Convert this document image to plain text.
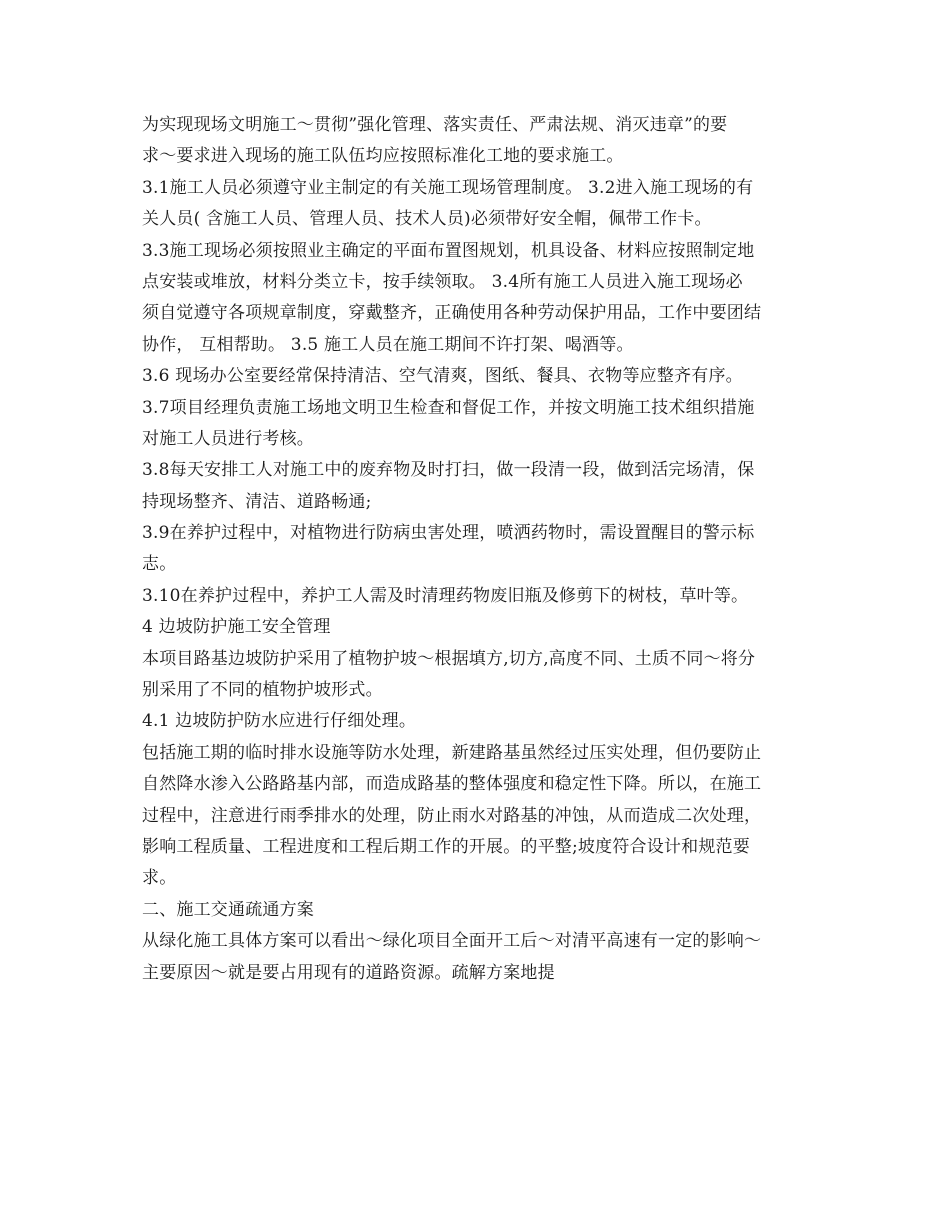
为实现现场文明施工～贯彻”强化管理、落实责任、严肃法规、消灭违章”的要
求～要求进入现场的施工队伍均应按照标准化工地的要求施工。
3.1施工人员必须遵守业主制定的有关施工现场管理制度。 3.2进入施工现场的有
关人员( 含施工人员、管理人员、技术人员)必须带好安全帽，佩带工作卡。
3.3施工现场必须按照业主确定的平面布置图规划，机具设备、材料应按照制定地
点安装或堆放，材料分类立卡，按手续领取。 3.4所有施工人员进入施工现场必
须自觉遵守各项规章制度，穿戴整齐，正确使用各种劳动保护用品，工作中要团结
协作， 互相帮助。 3.5 施工人员在施工期间不许打架、喝酒等。
3.6 现场办公室要经常保持清洁、空气清爽，图纸、餐具、衣物等应整齐有序。
3.7项目经理负责施工场地文明卫生检查和督促工作，并按文明施工技术组织措施
对施工人员进行考核。
3.8每天安排工人对施工中的废弃物及时打扫，做一段清一段，做到活完场清，保
持现场整齐、清洁、道路畅通;
3.9在养护过程中，对植物进行防病虫害处理，喷洒药物时，需设置醒目的警示标
志。
3.10在养护过程中，养护工人需及时清理药物废旧瓶及修剪下的树枝，草叶等。
4 边坡防护施工安全管理
本项目路基边坡防护采用了植物护坡～根据填方,切方,高度不同、土质不同～将分
别采用了不同的植物护坡形式。
4.1 边坡防护防水应进行仔细处理。
包括施工期的临时排水设施等防水处理，新建路基虽然经过压实处理，但仍要防止
自然降水渗入公路路基内部，而造成路基的整体强度和稳定性下降。所以，在施工
过程中，注意进行雨季排水的处理，防止雨水对路基的冲蚀，从而造成二次处理，
影响工程质量、工程进度和工程后期工作的开展。的平整;坡度符合设计和规范要
求。
二、施工交通疏通方案
从绿化施工具体方案可以看出～绿化项目全面开工后～对清平高速有一定的影响～
主要原因～就是要占用现有的道路资源。疏解方案地提
